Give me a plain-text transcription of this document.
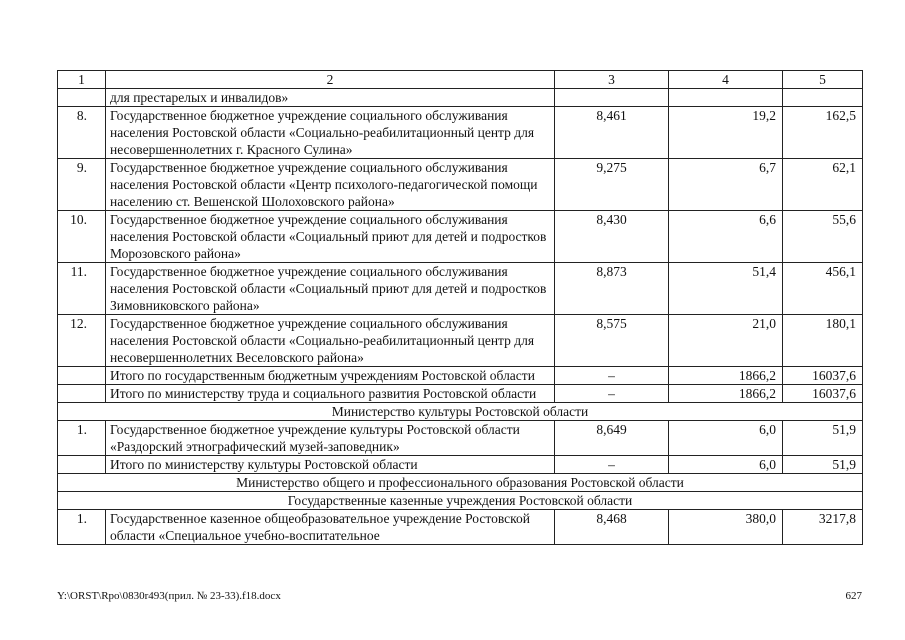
1	2	3	4	5
	для престарелых и инвалидов»			
8.	Государственное бюджетное учреждение социального обслуживания населения Ростовской области «Социально-реабилитационный центр для несовершеннолетних г. Красного Сулина»	8,461	19,2	162,5
9.	Государственное бюджетное учреждение социального обслуживания населения Ростовской области «Центр психолого-педагогической помощи населению ст. Вешенской Шолоховского района»	9,275	6,7	62,1
10.	Государственное бюджетное учреждение социального обслуживания населения Ростовской области «Социальный приют для детей и подростков Морозовского района»	8,430	6,6	55,6
11.	Государственное бюджетное учреждение социального обслуживания населения Ростовской области «Социальный приют для детей и подростков Зимовниковского района»	8,873	51,4	456,1
12.	Государственное бюджетное учреждение социального обслуживания населения Ростовской области «Социально-реабилитационный центр для несовершеннолетних Веселовского района»	8,575	21,0	180,1
	Итого по государственным бюджетным учреждениям Ростовской области	–	1866,2	16037,6
	Итого по министерству труда и социального развития Ростовской области	–	1866,2	16037,6
Министерство культуры Ростовской области				
1.	Государственное бюджетное учреждение культуры Ростовской области «Раздорский этнографический музей-заповедник»	8,649	6,0	51,9
	Итого по министерству культуры Ростовской области	–	6,0	51,9
Министерство общего и профессионального образования Ростовской области				
Государственные казенные учреждения Ростовской области				
1.	Государственное казенное общеобразовательное учреждение Ростовской области «Специальное учебно-воспитательное	8,468	380,0	3217,8
Y:\ORST\Rpo\0830r493(прил. № 23-33).f18.docx	627
